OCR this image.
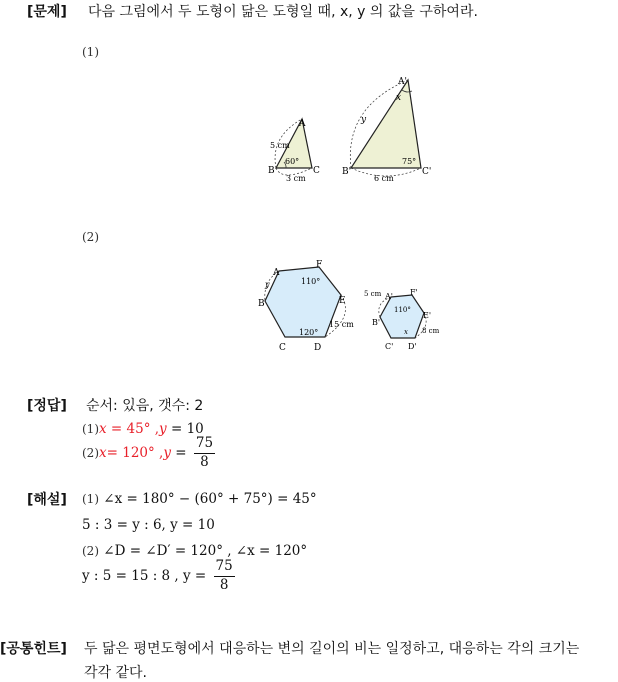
[문제] 다음 그림에서 두 도형이 닮은 도형일 때, x, y 의 값을 구하여라.
(1)
A
B	C
5 cm
3 cm
60°
A'
B'	C'
y
x
6 cm
75°
(2)
A
B
C	D
E
F
y	110°
120°
15 cm
A'
B'
C' D'
E'
F'
5 cm
110°
x 8 cm
[정답] 순서: 있음, 갯수: 2
(1)x = 45° ,y = 10
(2) x = 120° , $y = \frac{75}{8}$
[해설] (1) ∠x = 180° − (60° + 75°) = 45°
5 : 3 = y : 6, y = 10
(2) ∠D = ∠D′ = 120° , ∠x = 120°
y : 5 = 15 : 8 , $y = \frac{75}{8}$
[공통힌트] 두 닮은 평면도형에서 대응하는 변의 길이의 비는 일정하고, 대응하는 각의 크기는
각각 같다.
